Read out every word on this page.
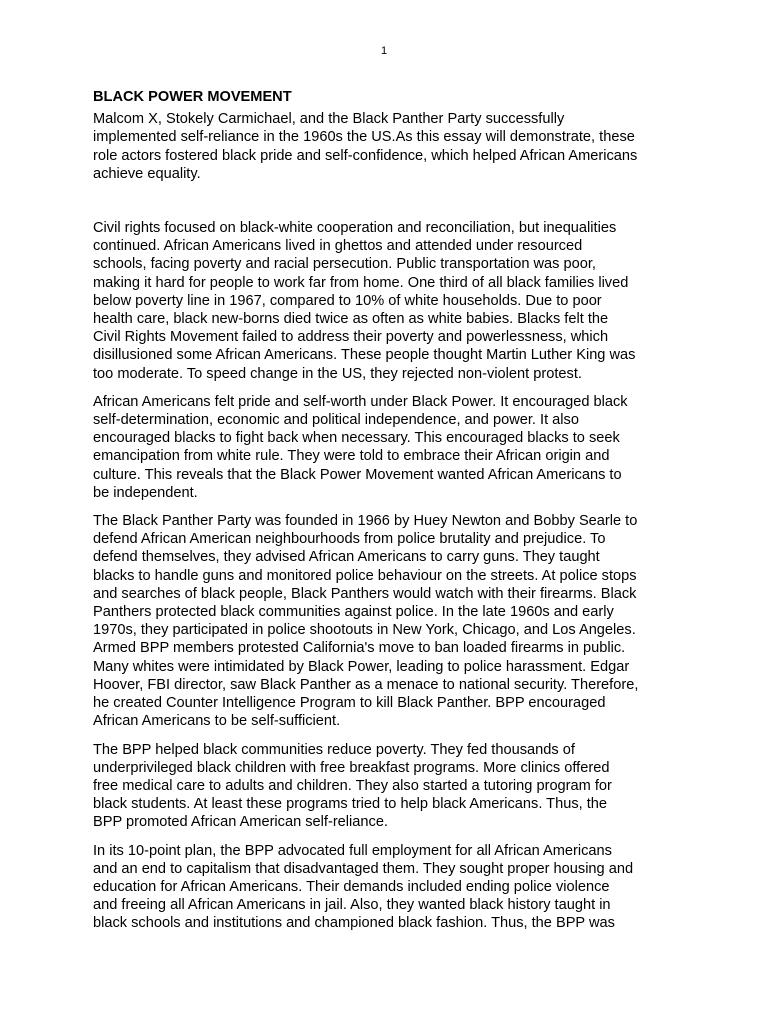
1
BLACK POWER MOVEMENT

Malcom X, Stokely Carmichael, and the Black Panther Party successfully
implemented self-reliance in the 1960s the US.As this essay will demonstrate, these
role actors fostered black pride and self-confidence, which helped African Americans
achieve equality.

Civil rights focused on black-white cooperation and reconciliation, but inequalities
continued. African Americans lived in ghettos and attended under resourced
schools, facing poverty and racial persecution. Public transportation was poor,
making it hard for people to work far from home. One third of all black families lived
below poverty line in 1967, compared to 10% of white households. Due to poor
health care, black new-borns died twice as often as white babies. Blacks felt the
Civil Rights Movement failed to address their poverty and powerlessness, which
disillusioned some African Americans. These people thought Martin Luther King was
too moderate. To speed change in the US, they rejected non-violent protest.

African Americans felt pride and self-worth under Black Power. It encouraged black
self-determination, economic and political independence, and power. It also
encouraged blacks to fight back when necessary. This encouraged blacks to seek
emancipation from white rule. They were told to embrace their African origin and
culture. This reveals that the Black Power Movement wanted African Americans to
be independent.

The Black Panther Party was founded in 1966 by Huey Newton and Bobby Searle to
defend African American neighbourhoods from police brutality and prejudice. To
defend themselves, they advised African Americans to carry guns. They taught
blacks to handle guns and monitored police behaviour on the streets. At police stops
and searches of black people, Black Panthers would watch with their firearms. Black
Panthers protected black communities against police. In the late 1960s and early
1970s, they participated in police shootouts in New York, Chicago, and Los Angeles.
Armed BPP members protested California's move to ban loaded firearms in public.
Many whites were intimidated by Black Power, leading to police harassment. Edgar
Hoover, FBI director, saw Black Panther as a menace to national security. Therefore,
he created Counter Intelligence Program to kill Black Panther. BPP encouraged
African Americans to be self-sufficient.

The BPP helped black communities reduce poverty. They fed thousands of
underprivileged black children with free breakfast programs. More clinics offered
free medical care to adults and children. They also started a tutoring program for
black students. At least these programs tried to help black Americans. Thus, the
BPP promoted African American self-reliance.

In its 10-point plan, the BPP advocated full employment for all African Americans
and an end to capitalism that disadvantaged them. They sought proper housing and
education for African Americans. Their demands included ending police violence
and freeing all African Americans in jail. Also, they wanted black history taught in
black schools and institutions and championed black fashion. Thus, the BPP was
